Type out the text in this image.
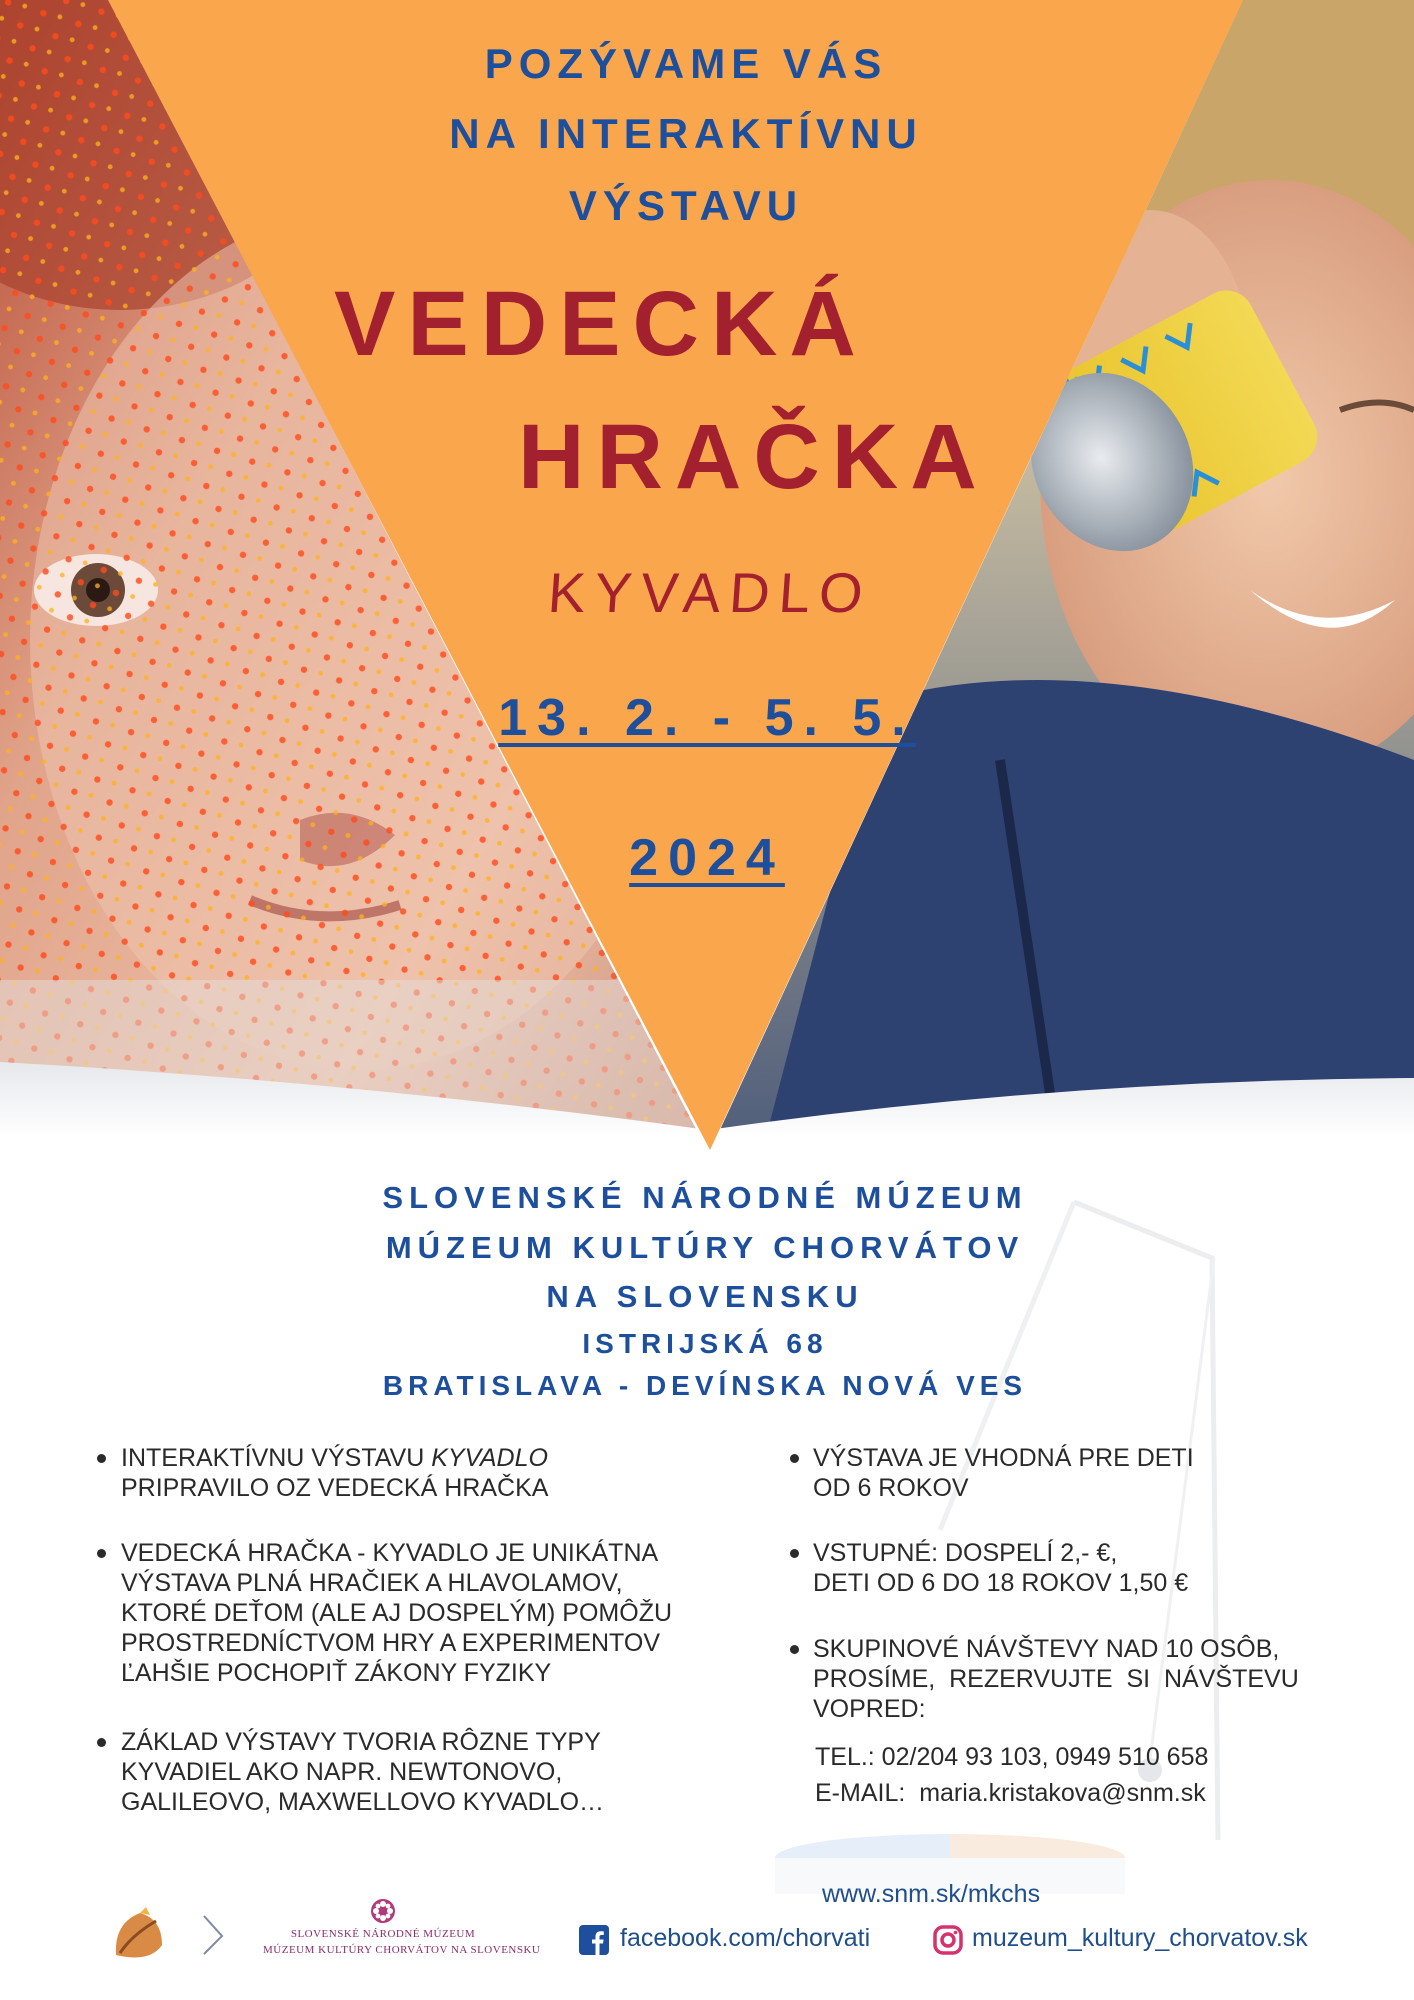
POZÝVAME VÁS
NA INTERAKTÍVNU
VÝSTAVU
VEDECKÁ
HRAČKA
KYVADLO
13. 2. - 5. 5.
2024
SLOVENSKÉ NÁRODNÉ MÚZEUM
MÚZEUM KULTÚRY CHORVÁTOV
NA SLOVENSKU
ISTRIJSKÁ 68
BRATISLAVA - DEVÍNSKA NOVÁ VES
INTERAKTÍVNU VÝSTAVU KYVADLO
PRIPRAVILO OZ VEDECKÁ HRAČKA
VEDECKÁ HRAČKA - KYVADLO JE UNIKÁTNA
VÝSTAVA PLNÁ HRAČIEK A HLAVOLAMOV,
KTORÉ DEŤOM (ALE AJ DOSPELÝM) POMÔŽU
PROSTREDNÍCTVOM HRY A EXPERIMENTOV
ĽAHŠIE POCHOPIŤ ZÁKONY FYZIKY
ZÁKLAD VÝSTAVY TVORIA RÔZNE TYPY
KYVADIEL AKO NAPR. NEWTONOVO,
GALILEOVO, MAXWELLOVO KYVADLO…
VÝSTAVA JE VHODNÁ PRE DETI
OD 6 ROKOV
VSTUPNÉ: DOSPELÍ 2,- €,
DETI OD 6 DO 18 ROKOV 1,50 €
SKUPINOVÉ NÁVŠTEVY NAD 10 OSÔB,
PROSÍME,  REZERVUJTE  SI  NÁVŠTEVU
VOPRED:
TEL.: 02/204 93 103, 0949 510 658
E-MAIL: maria.kristakova@snm.sk
www.snm.sk/mkchs
facebook.com/chorvati	muzeum_kultury_chorvatov.sk
SLOVENSKÉ NÁRODNÉ MÚZEUM
MÚZEUM KULTÚRY CHORVÁTOV NA SLOVENSKU
